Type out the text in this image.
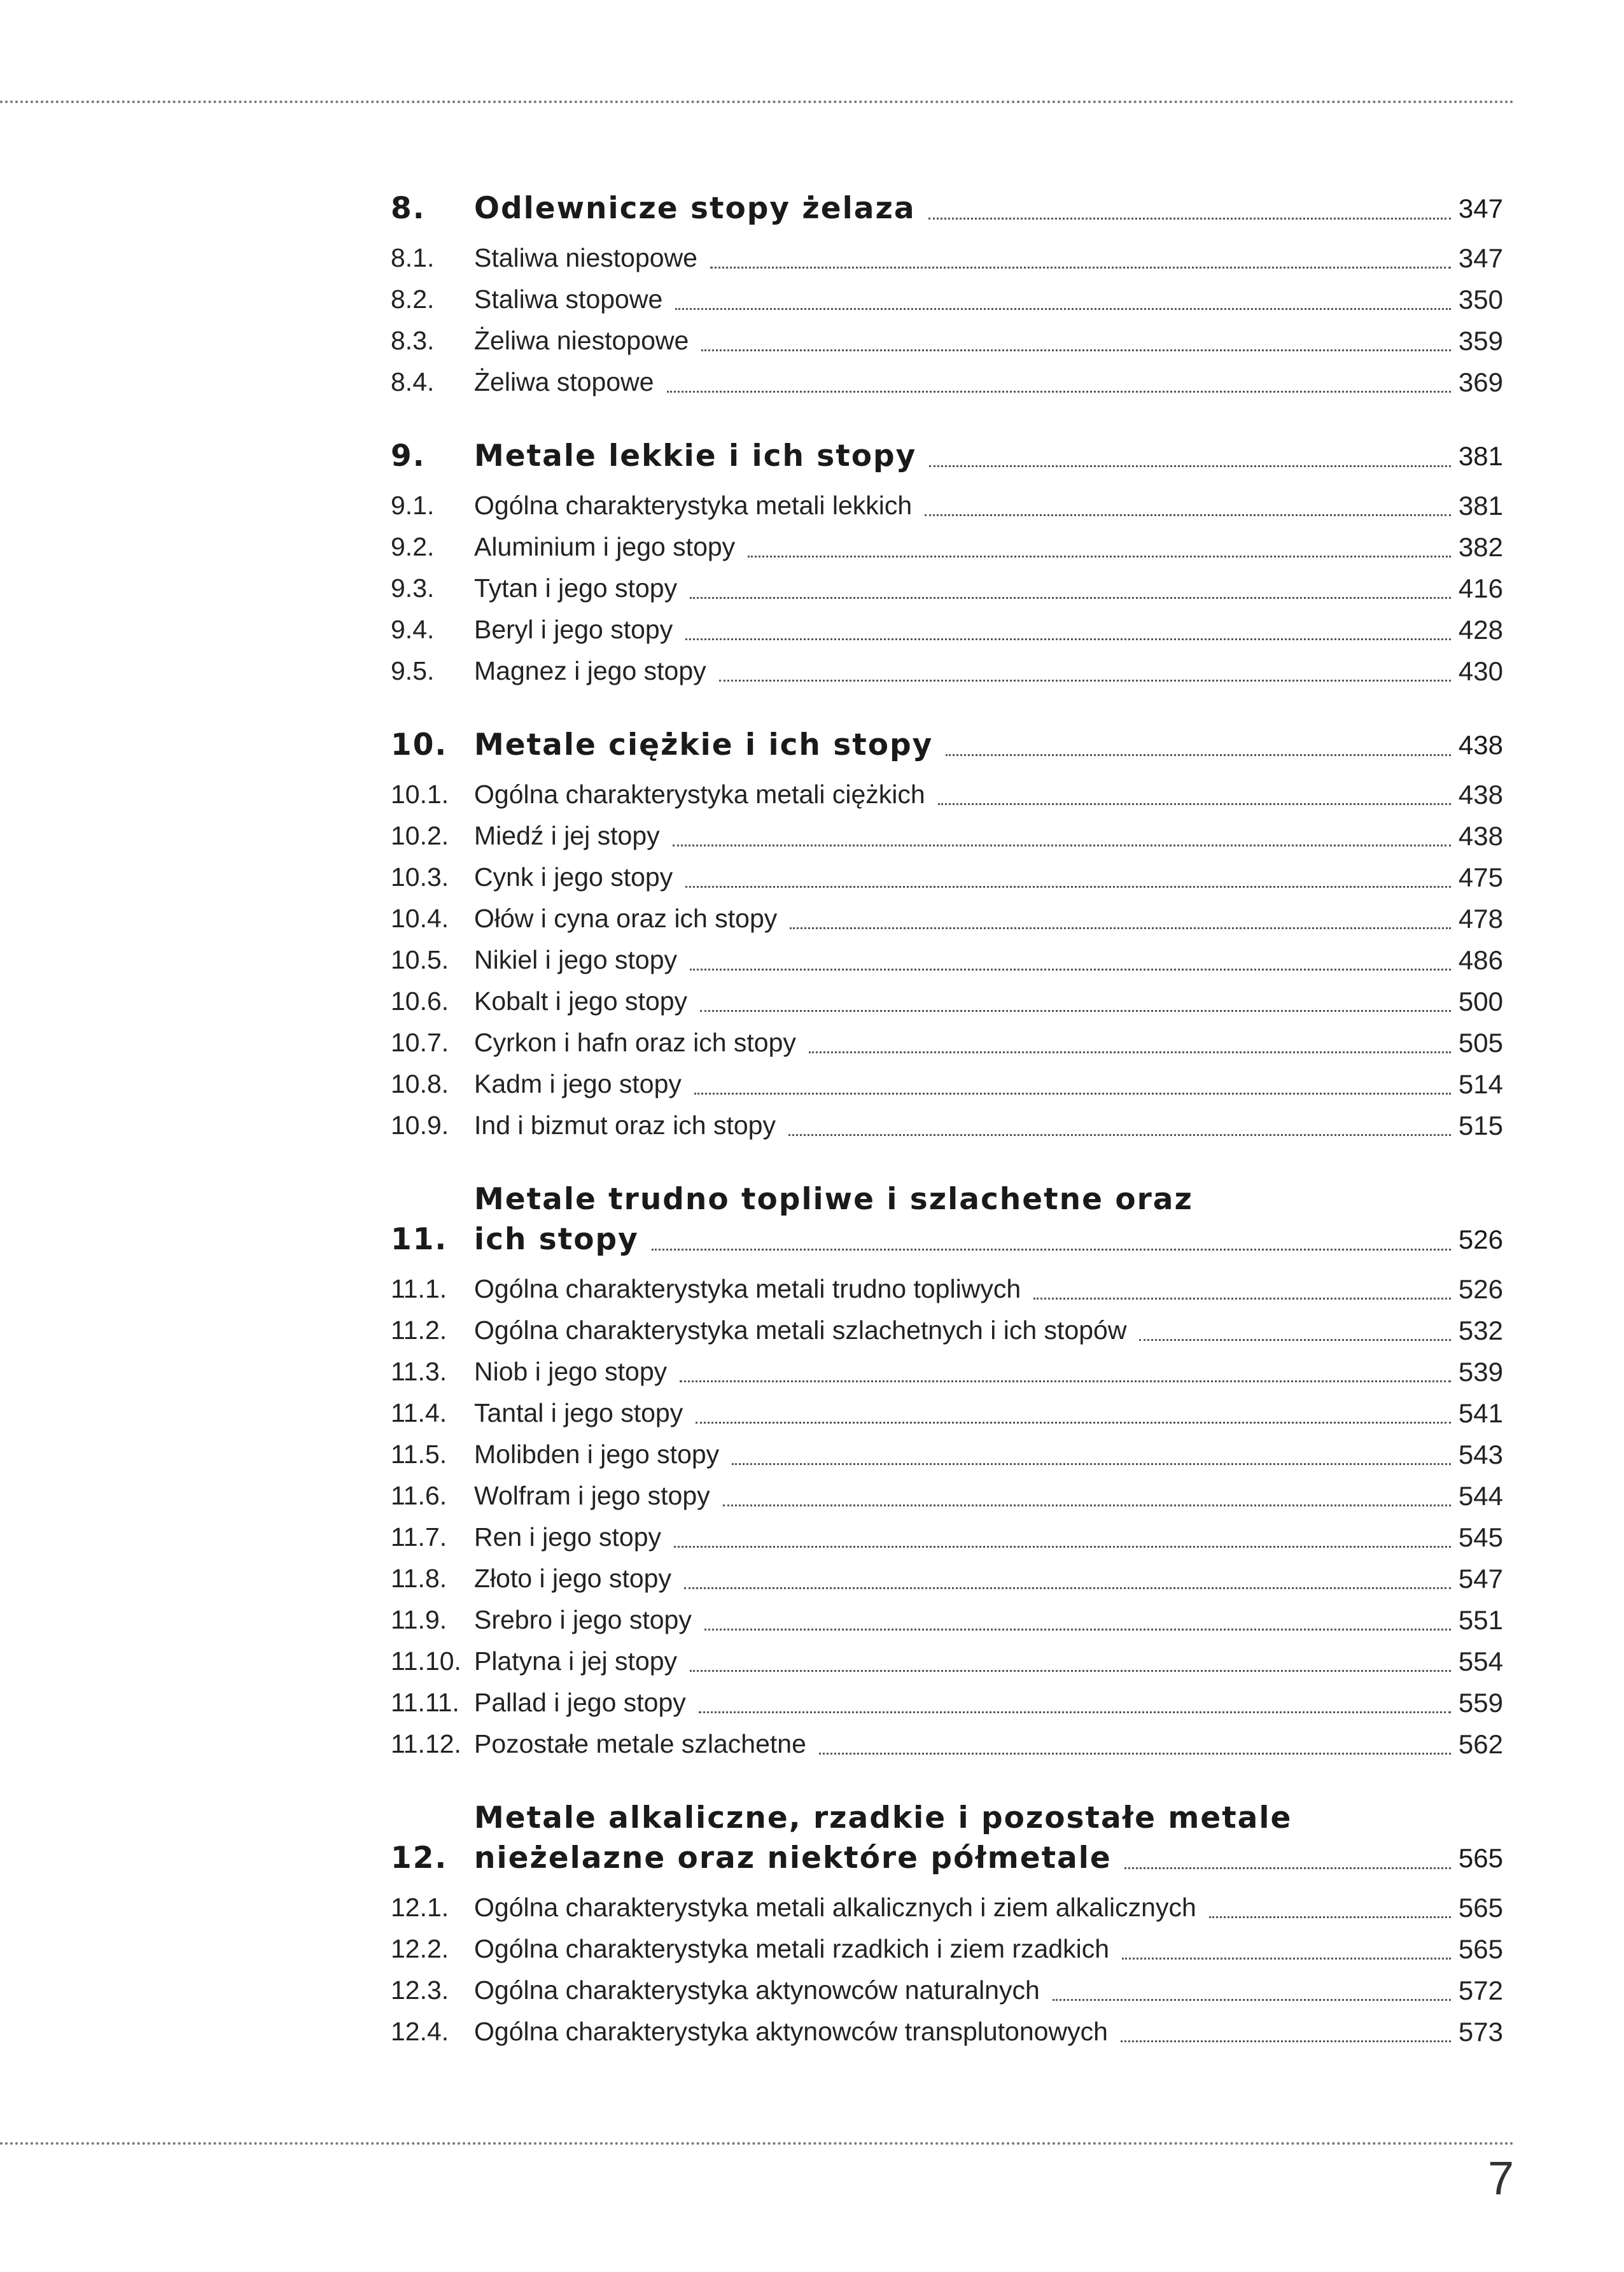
8.	Odlewnicze stopy żelaza	347
8.1.	Staliwa niestopowe	347
8.2.	Staliwa stopowe	350
8.3.	Żeliwa niestopowe	359
8.4.	Żeliwa stopowe	369
9.	Metale lekkie i ich stopy	381
9.1.	Ogólna charakterystyka metali lekkich	381
9.2.	Aluminium i jego stopy	382
9.3.	Tytan i jego stopy	416
9.4.	Beryl i jego stopy	428
9.5.	Magnez i jego stopy	430
10. Metale ciężkie i ich stopy	438
10.1. Ogólna charakterystyka metali ciężkich	438
10.2. Miedź i jej stopy	438
10.3. Cynk i jego stopy	475
10.4. Ołów i cyna oraz ich stopy	478
10.5. Nikiel i jego stopy	486
10.6. Kobalt i jego stopy	500
10.7. Cyrkon i hafn oraz ich stopy	505
10.8. Kadm i jego stopy	514
10.9. Ind i bizmut oraz ich stopy	515
11.
Metale trudno topliwe i szlachetne oraz
ich stopy	526
11.1.	Ogólna charakterystyka metali trudno topliwych	526
11.2.	Ogólna charakterystyka metali szlachetnych i ich stopów	532
11.3.	Niob i jego stopy	539
11.4.	Tantal i jego stopy	541
11.5.	Molibden i jego stopy	543
11.6.	Wolfram i jego stopy	544
11.7.	Ren i jego stopy	545
11.8.	Złoto i jego stopy	547
11.9.	Srebro i jego stopy	551
11.10. Platyna i jej stopy	554
11.11. Pallad i jego stopy	559
11.12. Pozostałe metale szlachetne	562
12.
Metale alkaliczne, rzadkie i pozostałe metale
nieżelazne oraz niektóre półmetale	565
12.1. Ogólna charakterystyka metali alkalicznych i ziem alkalicznych	565
12.2. Ogólna charakterystyka metali rzadkich i ziem rzadkich	565
12.3. Ogólna charakterystyka aktynowców naturalnych	572
12.4. Ogólna charakterystyka aktynowców transplutonowych	573
7
